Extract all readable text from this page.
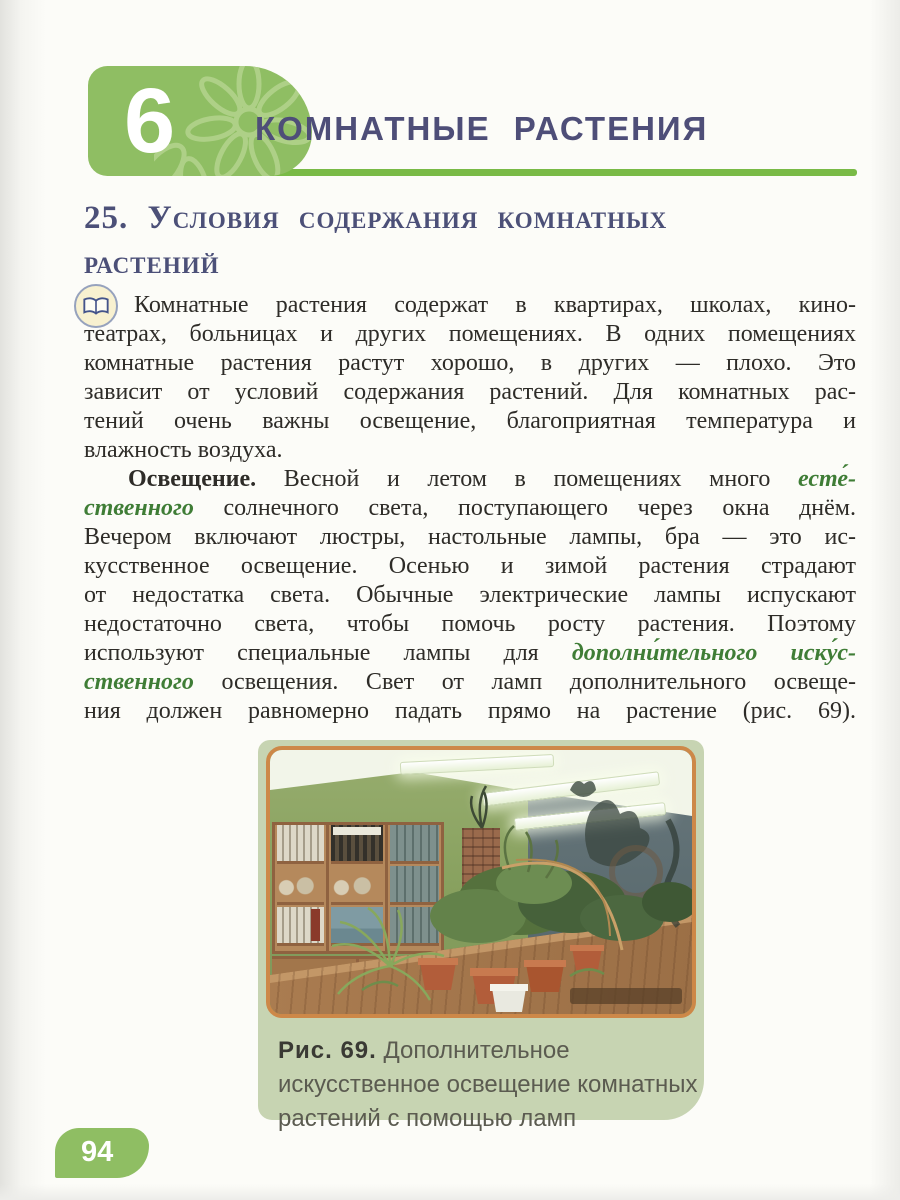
6 КОМНАТНЫЕ РАСТЕНИЯ
25. Условия содержания комнатных растений
Комнатные растения содержат в квартирах, школах, кино-
театрах, больницах и других помещениях. В одних помещениях
комнатные растения растут хорошо, в других — плохо. Это
зависит от условий содержания растений. Для комнатных рас-
тений очень важны освещение, благоприятная температура и
влажность воздуха.
Освещение. Весной и летом в помещениях много есте́-
ственного солнечного света, поступающего через окна днём.
Вечером включают люстры, настольные лампы, бра — это ис-
кусственное освещение. Осенью и зимой растения страдают
от недостатка света. Обычные электрические лампы испускают
недостаточно света, чтобы помочь росту растения. Поэтому
используют специальные лампы для дополни́тельного иску́с-
ственного освещения. Свет от ламп дополнительного освеще-
ния должен равномерно падать прямо на растение (рис. 69).
Рис. 69. Дополнительное
искусственное освещение комнатных
растений с помощью ламп
94
